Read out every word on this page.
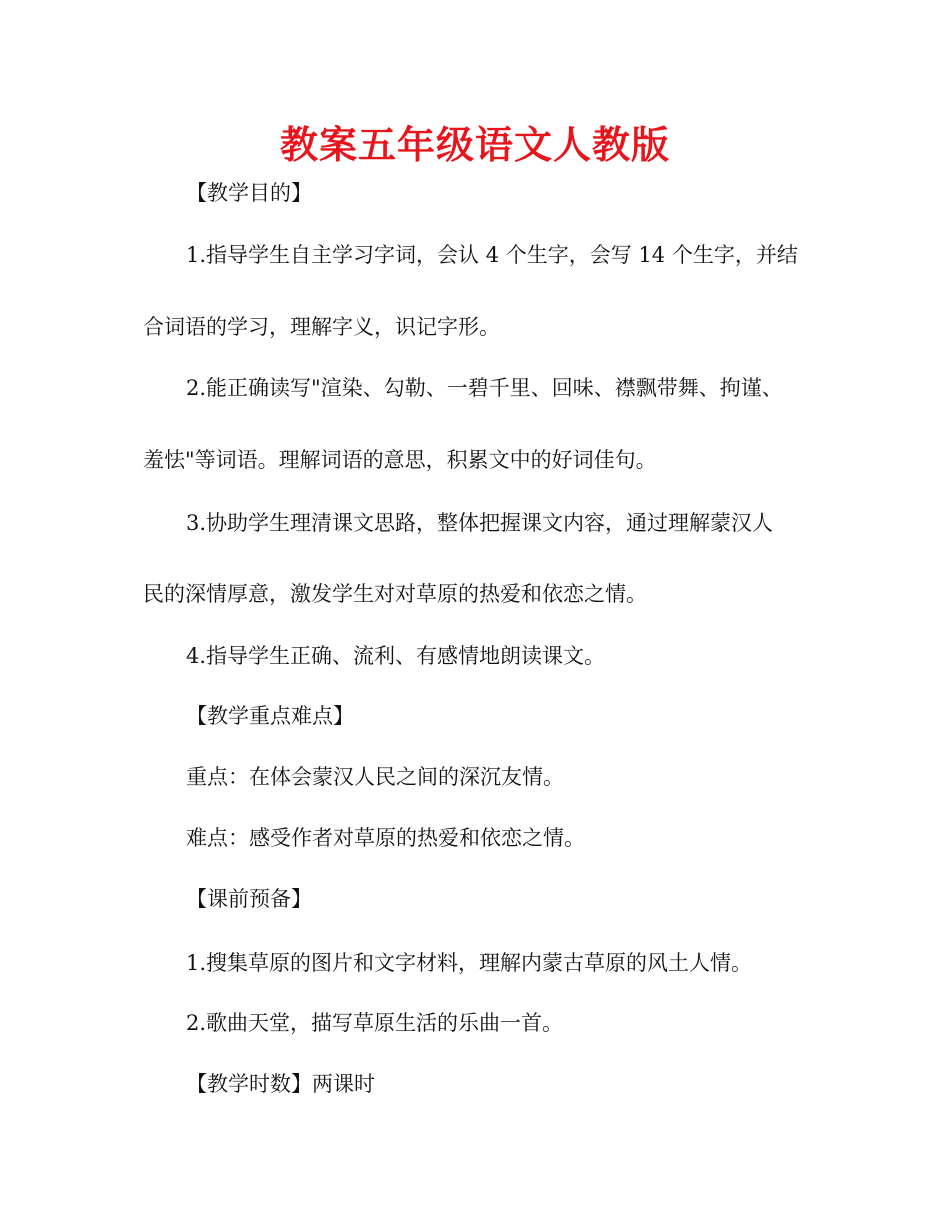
教案五年级语文人教版

【教学目的】

1.指导学生自主学习字词，会认 4 个生字，会写 14 个生字，并结

合词语的学习，理解字义，识记字形。

2.能正确读写"渲染、勾勒、一碧千里、回味、襟飘带舞、拘谨、

羞怯"等词语。理解词语的意思，积累文中的好词佳句。

3.协助学生理清课文思路，整体把握课文内容，通过理解蒙汉人

民的深情厚意，激发学生对对草原的热爱和依恋之情。

4.指导学生正确、流利、有感情地朗读课文。

【教学重点难点】

重点：在体会蒙汉人民之间的深沉友情。

难点：感受作者对草原的热爱和依恋之情。

【课前预备】

1.搜集草原的图片和文字材料，理解内蒙古草原的风土人情。

2.歌曲天堂，描写草原生活的乐曲一首。

【教学时数】两课时
